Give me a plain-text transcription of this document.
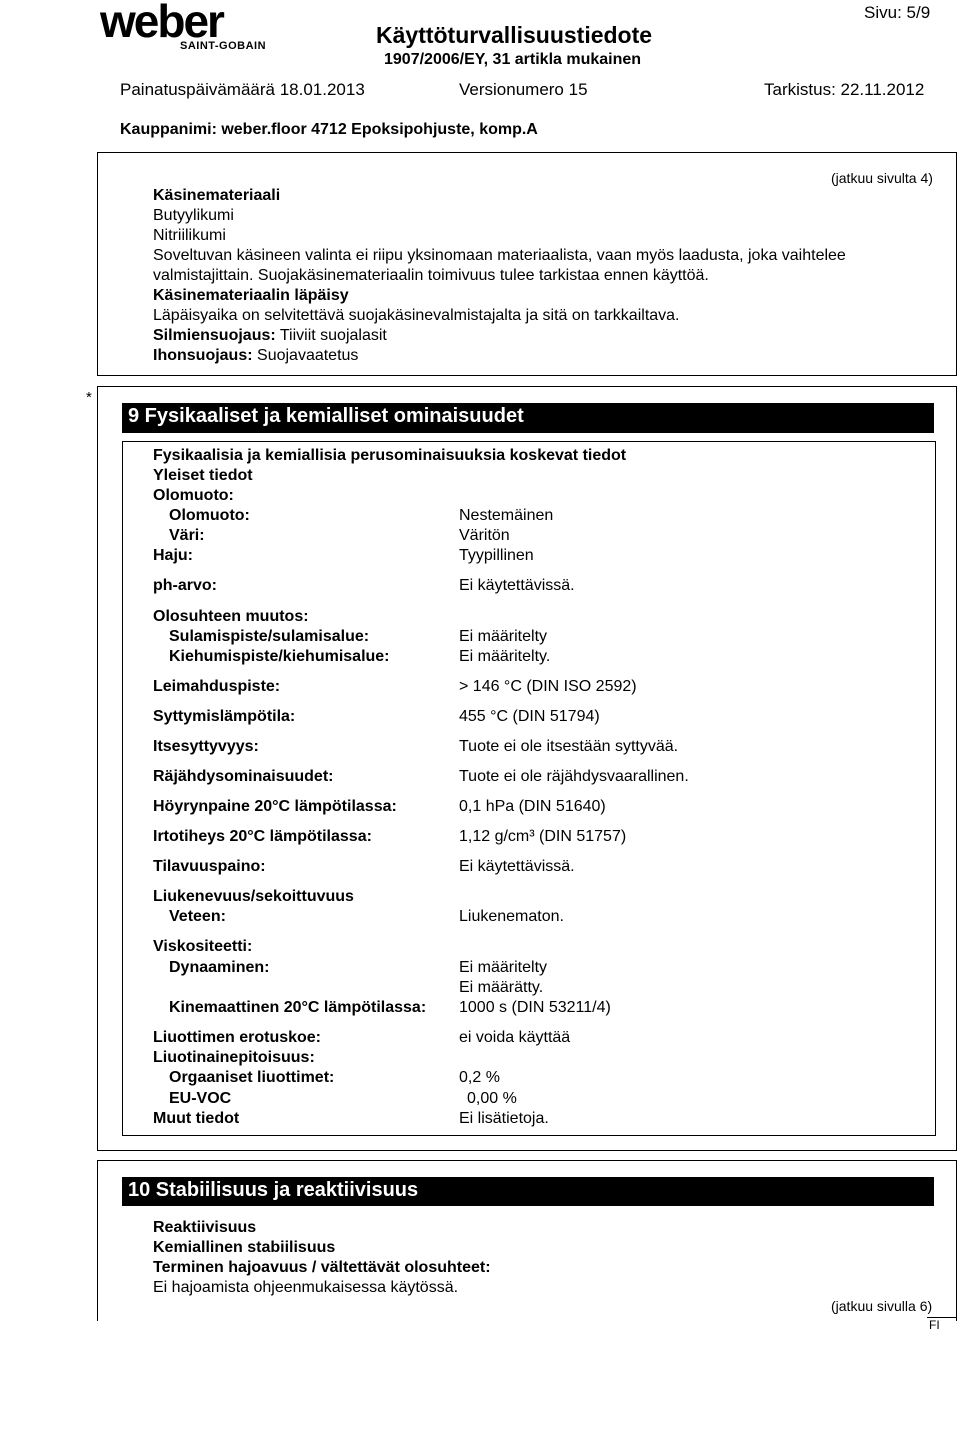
weber
SAINT-GOBAIN	Käyttöturvallisuustiedote
1907/2006/EY, 31 artikla mukainen
Sivu: 5/9
Painatuspäivämäärä 18.01.2013	Versionumero 15	Tarkistus: 22.11.2012
Kauppanimi: weber.floor 4712 Epoksipohjuste, komp.A
(jatkuu sivulta 4)
Käsinemateriaali
Butyylikumi
Nitriilikumi
Soveltuvan käsineen valinta ei riipu yksinomaan materiaalista, vaan myös laadusta, joka vaihtelee
valmistajittain. Suojakäsinemateriaalin toimivuus tulee tarkistaa ennen käyttöä.
Käsinemateriaalin läpäisy
Läpäisyaika on selvitettävä suojakäsinevalmistajalta ja sitä on tarkkailtava.
Silmiensuojaus: Tiiviit suojalasit
Ihonsuojaus: Suojavaatetus
*
9 Fysikaaliset ja kemialliset ominaisuudet
Fysikaalisia ja kemiallisia perusominaisuuksia koskevat tiedot
Yleiset tiedot
Olomuoto:
Olomuoto:	Nestemäinen
Väri:	Väritön
Haju:	Tyypillinen
ph-arvo:	Ei käytettävissä.
Olosuhteen muutos:
Sulamispiste/sulamisalue:	Ei määritelty
Kiehumispiste/kiehumisalue:	Ei määritelty.
Leimahduspiste:	> 146 °C (DIN ISO 2592)
Syttymislämpötila:	455 °C (DIN 51794)
Itsesyttyvyys:	Tuote ei ole itsestään syttyvää.
Räjähdysominaisuudet:	Tuote ei ole räjähdysvaarallinen.
Höyrynpaine 20°C lämpötilassa:	0,1 hPa (DIN 51640)
Irtotiheys 20°C lämpötilassa:	1,12 g/cm³ (DIN 51757)
Tilavuuspaino:	Ei käytettävissä.
Liukenevuus/sekoittuvuus
Veteen:	Liukenematon.
Viskositeetti:
Dynaaminen:	Ei määritelty
Ei määrätty.
Kinemaattinen 20°C lämpötilassa: 1000 s (DIN 53211/4)
Liuottimen erotuskoe:	ei voida käyttää
Liuotinainepitoisuus:
Orgaaniset liuottimet:	0,2 %
EU-VOC	0,00 %
Muut tiedot	Ei lisätietoja.
10 Stabiilisuus ja reaktiivisuus
Reaktiivisuus
Kemiallinen stabiilisuus
Terminen hajoavuus / vältettävät olosuhteet:
Ei hajoamista ohjeenmukaisessa käytössä.
(jatkuu sivulla 6)
FI
